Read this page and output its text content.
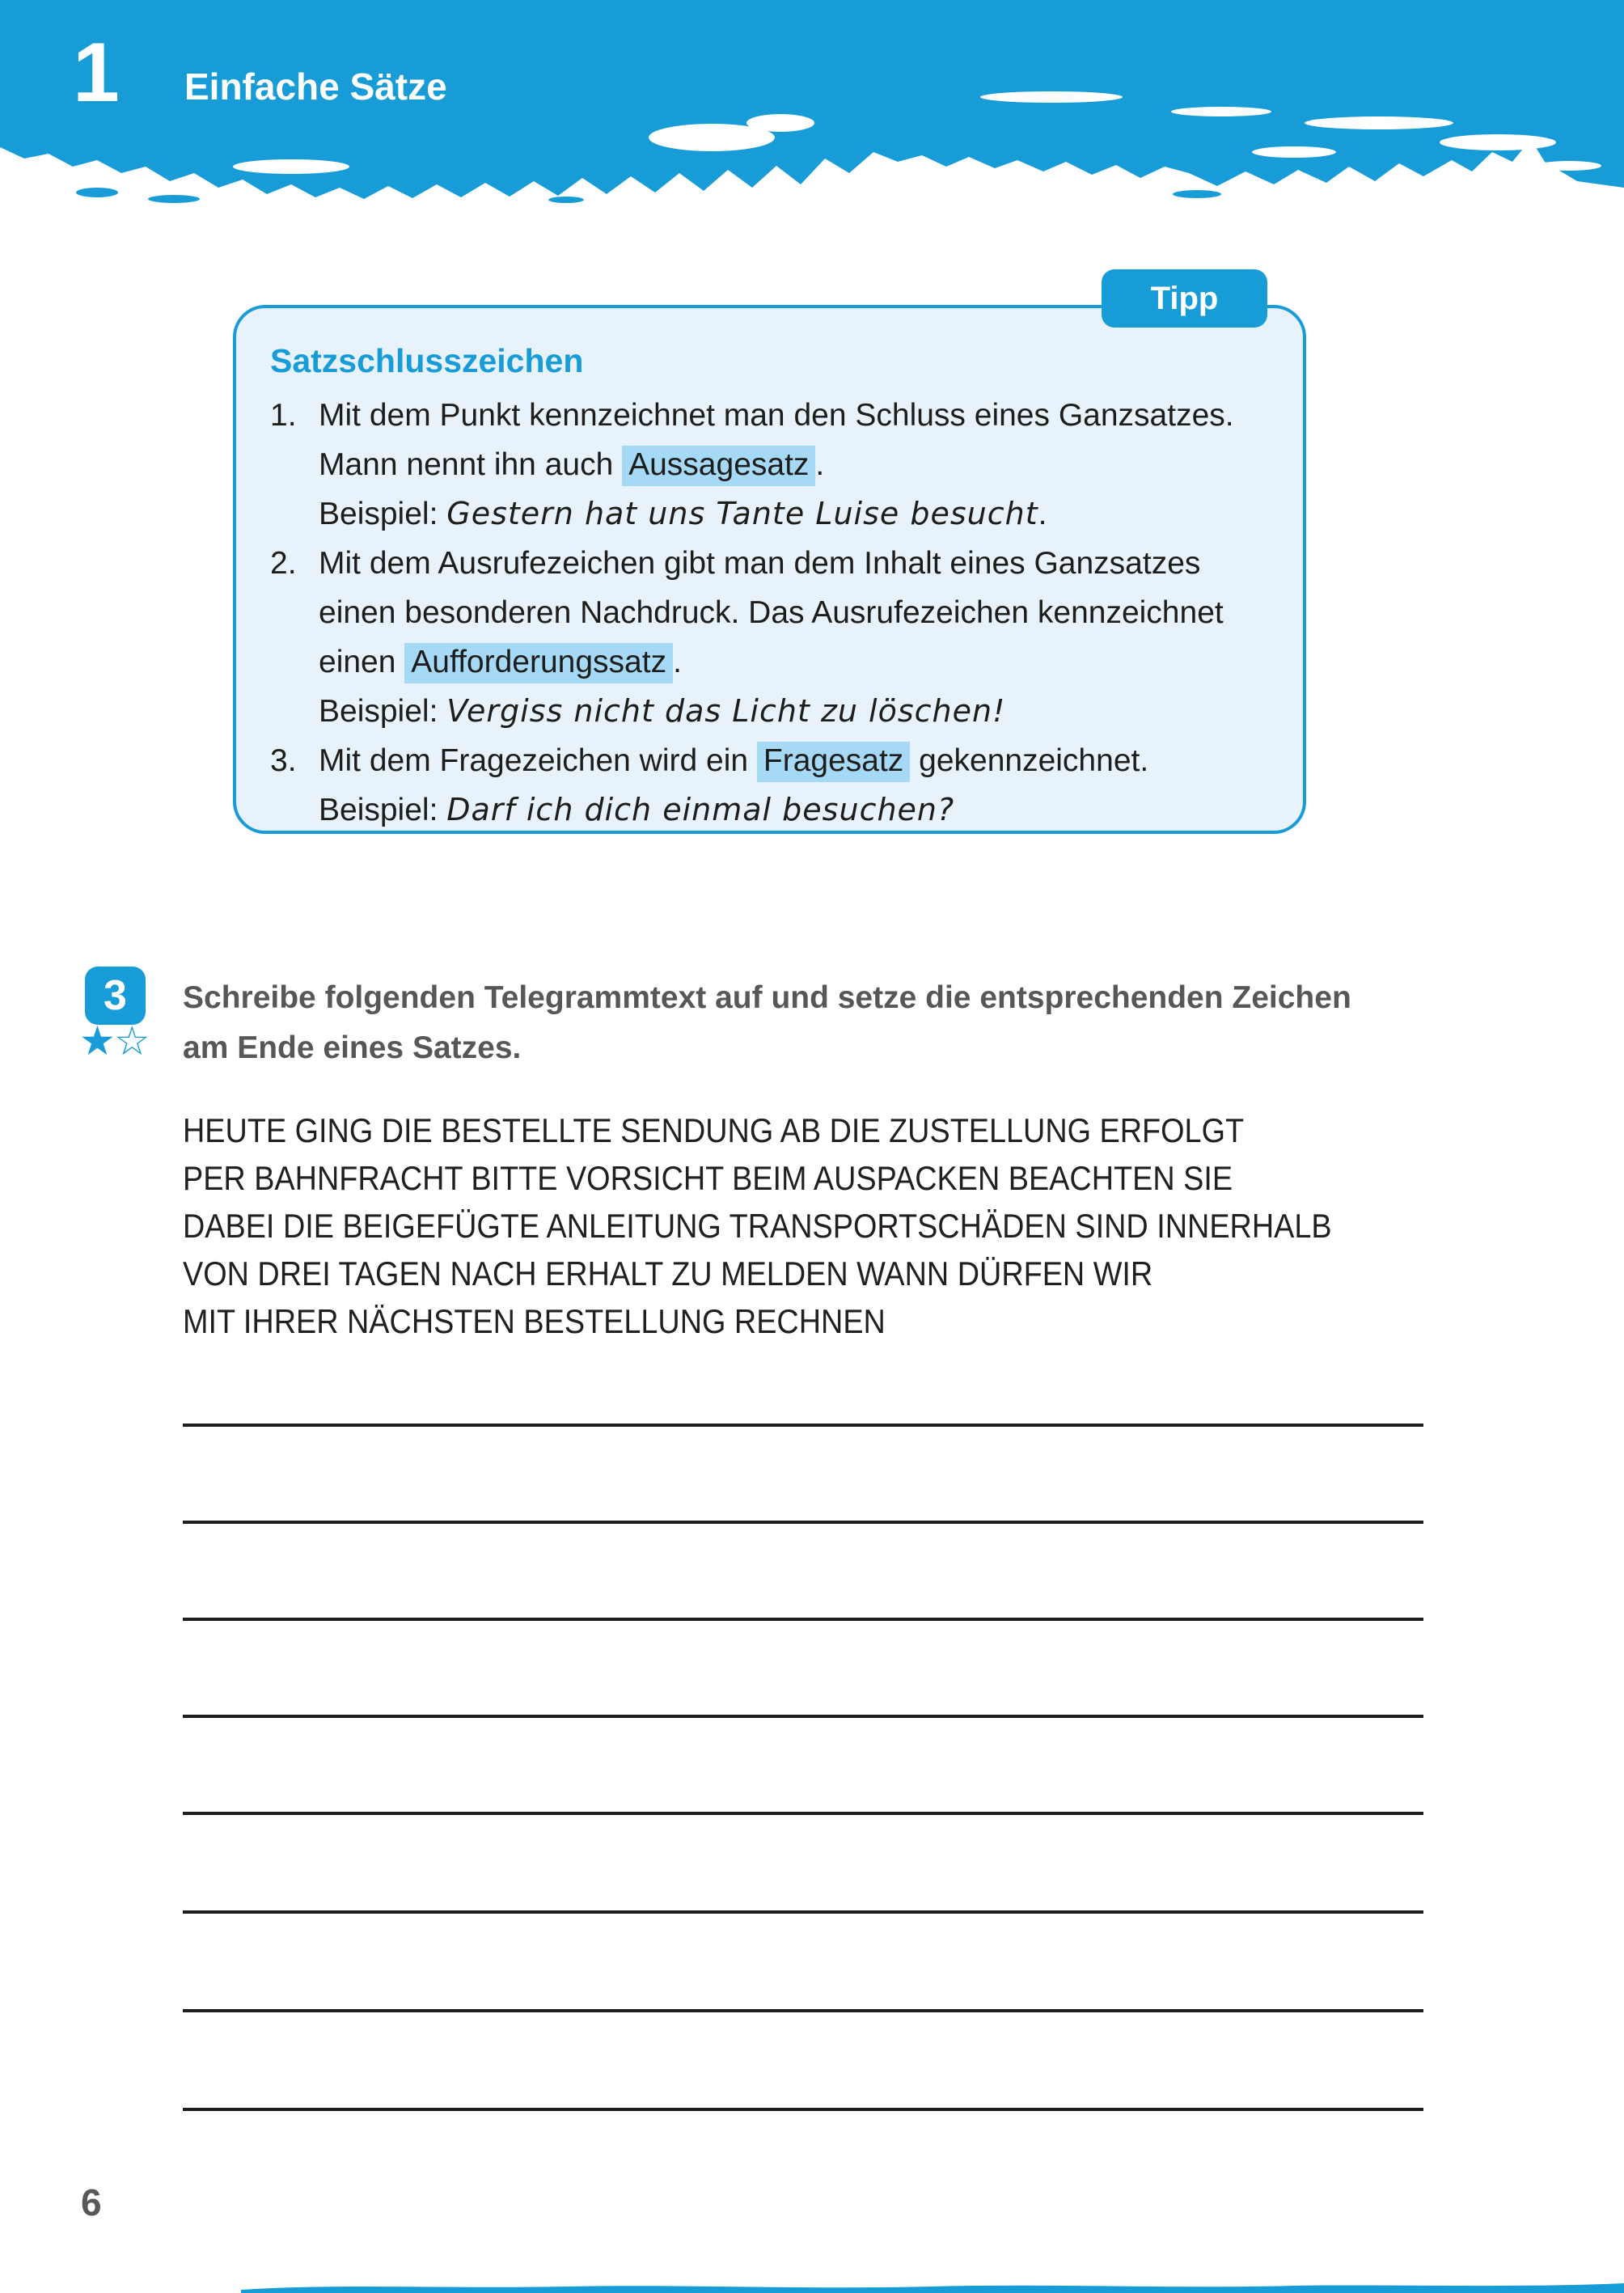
1 Einfache Sätze
Tipp
Satzschlusszeichen
1. Mit dem Punkt kennzeichnet man den Schluss eines Ganzsatzes.
Mann nennt ihn auch Aussagesatz .
Beispiel: Gestern hat uns Tante Luise besucht.
2. Mit dem Ausrufezeichen gibt man dem Inhalt eines Ganzsatzes
einen besonderen Nachdruck. Das Ausrufezeichen kennzeichnet
einen Aufforderungssatz .
Beispiel: Vergiss nicht das Licht zu löschen!
3. Mit dem Fragezeichen wird ein Fragesatz gekennzeichnet.
Beispiel: Darf ich dich einmal besuchen?
3
★☆
Schreibe folgenden Telegrammtext auf und setze die entsprechenden Zeichen
am Ende eines Satzes.
HEUTE GING DIE BESTELLTE SENDUNG AB DIE ZUSTELLUNG ERFOLGT
PER BAHNFRACHT BITTE VORSICHT BEIM AUSPACKEN BEACHTEN SIE
DABEI DIE BEIGEFÜGTE ANLEITUNG TRANSPORTSCHÄDEN SIND INNERHALB
VON DREI TAGEN NACH ERHALT ZU MELDEN WANN DÜRFEN WIR
MIT IHRER NÄCHSTEN BESTELLUNG RECHNEN
6
